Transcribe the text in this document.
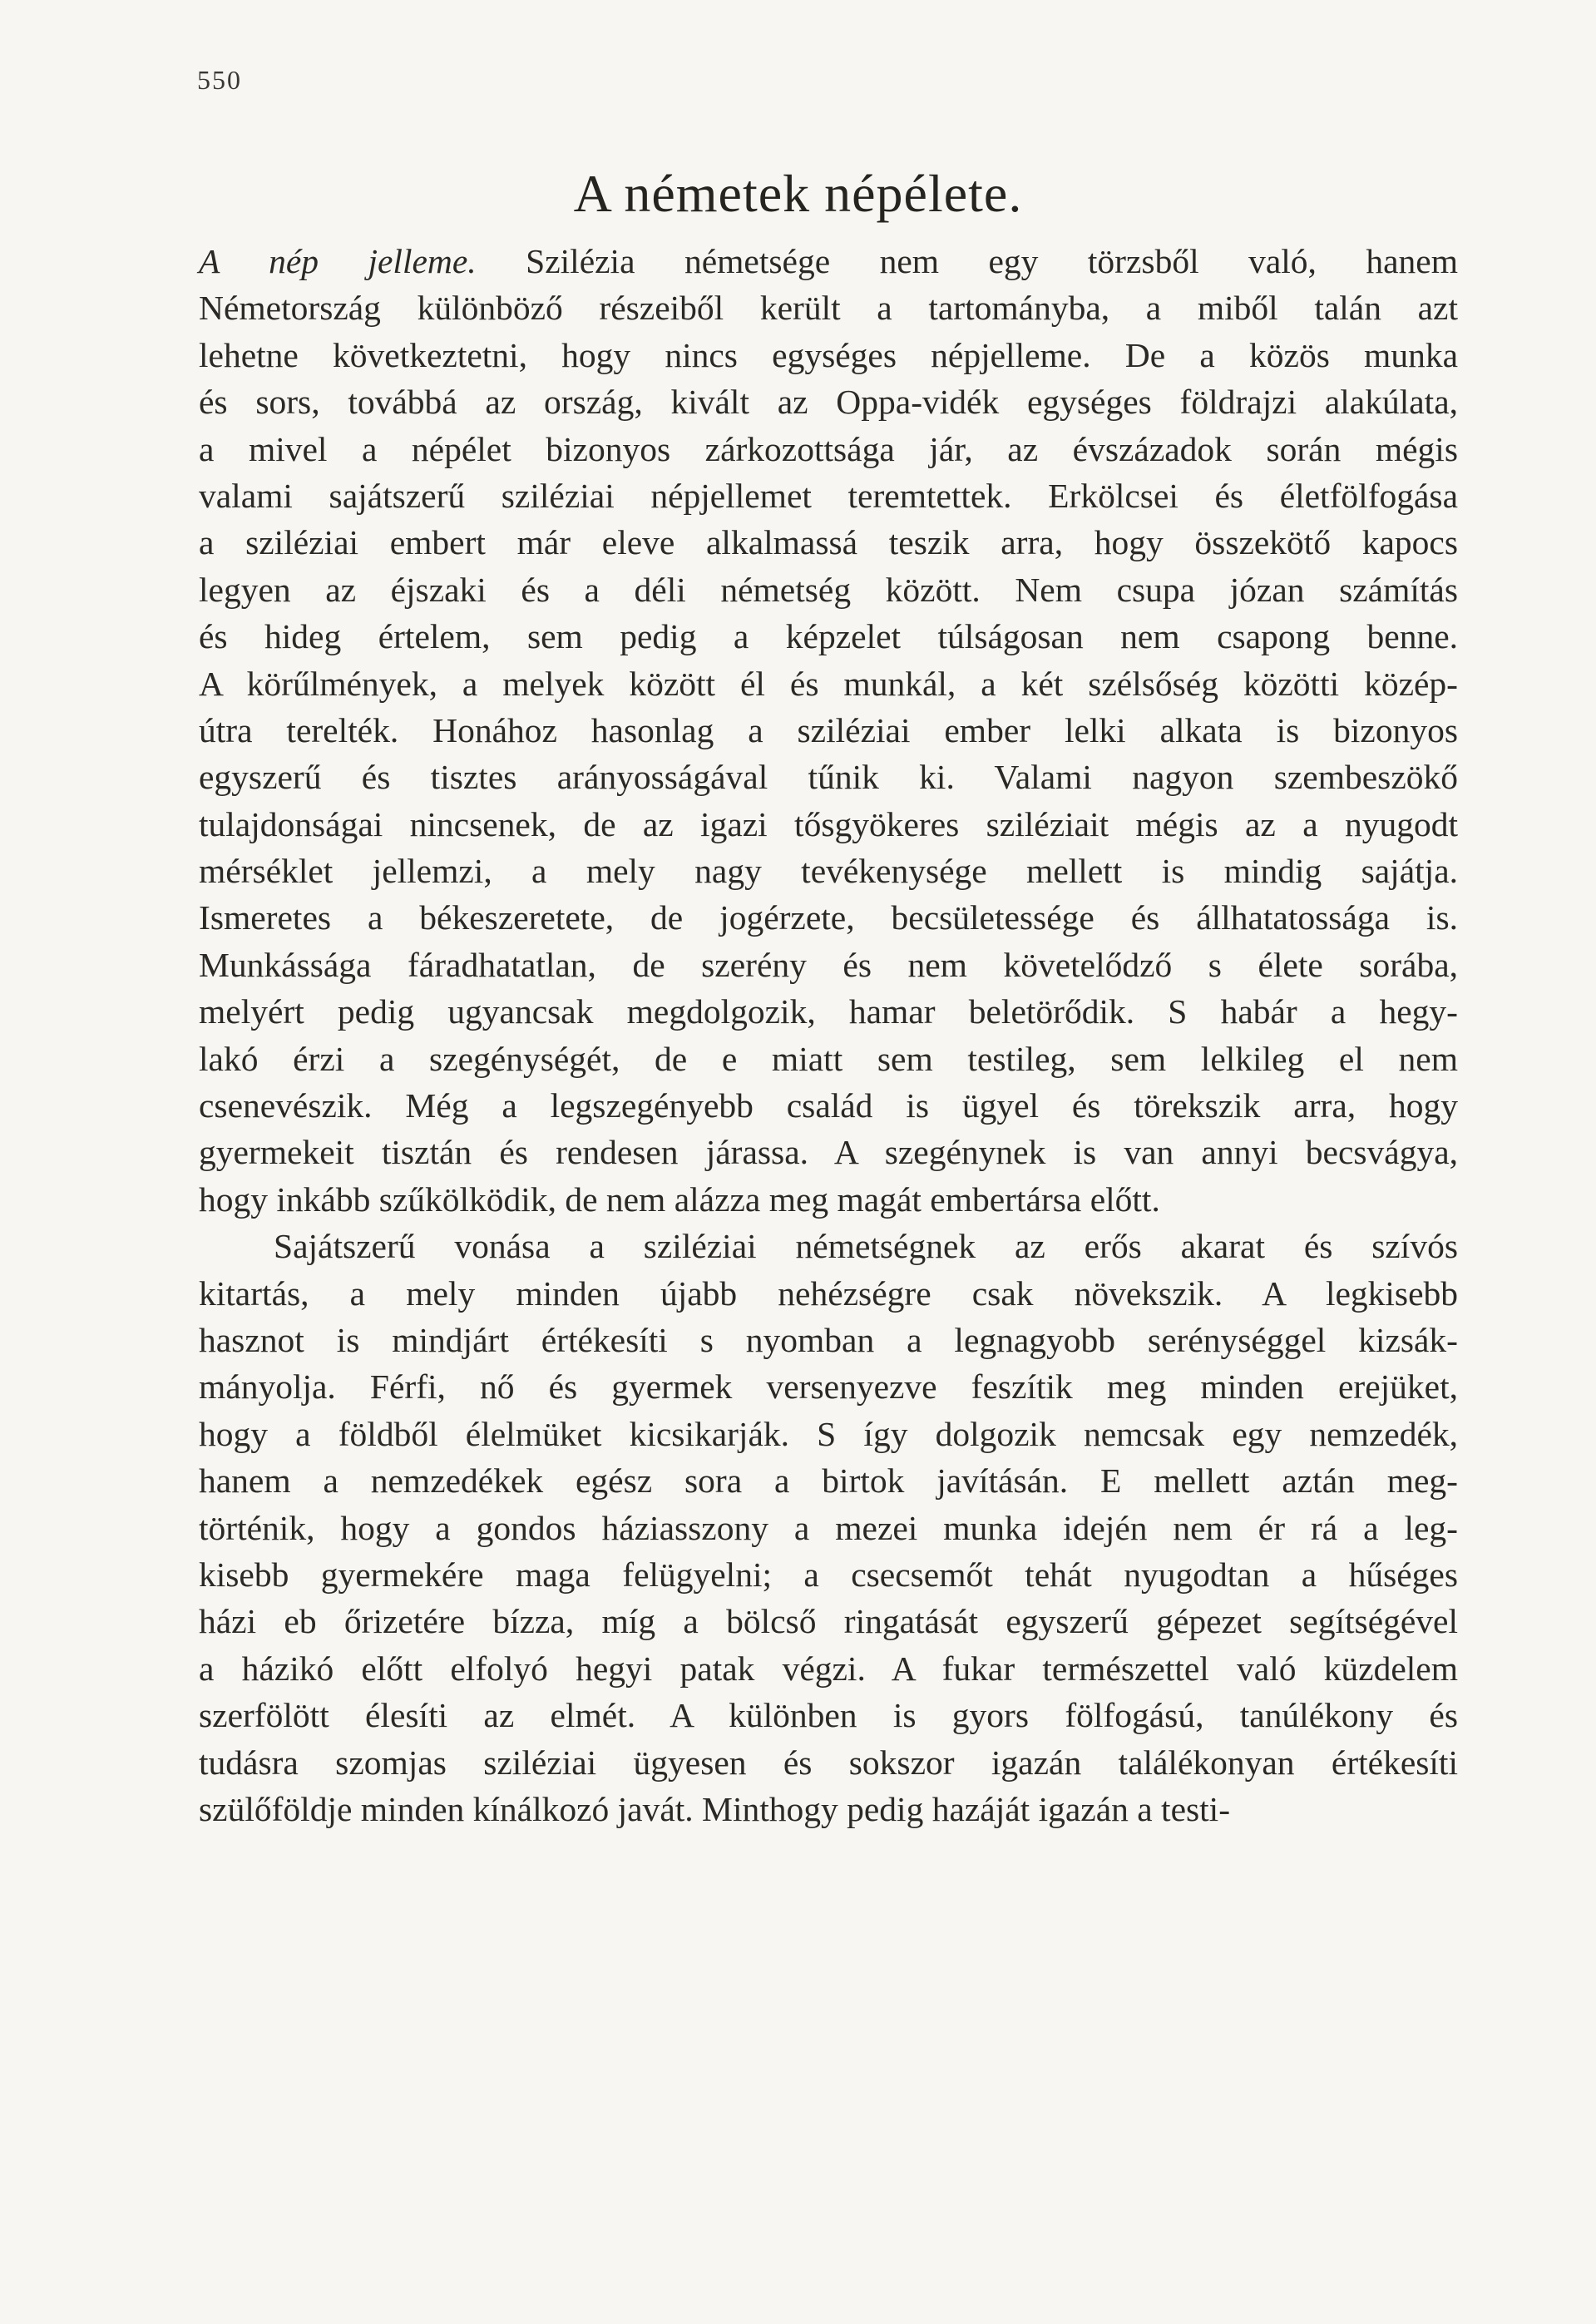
550
A németek népélete.
A nép jelleme. Szilézia németsége nem egy törzsből való, hanem
Németország különböző részeiből került a tartományba, a miből talán azt
lehetne következtetni, hogy nincs egységes népjelleme. De a közös munka
és sors, továbbá az ország, kivált az Oppa-vidék egységes földrajzi alakúlata,
a mivel a népélet bizonyos zárkozottsága jár, az évszázadok során mégis
valami sajátszerű sziléziai népjellemet teremtettek. Erkölcsei és életfölfogása
a sziléziai embert már eleve alkalmassá teszik arra, hogy összekötő kapocs
legyen az éjszaki és a déli németség között. Nem csupa józan számítás
és hideg értelem, sem pedig a képzelet túlságosan nem csapong benne.
A körűlmények, a melyek között él és munkál, a két szélsőség közötti közép-
útra terelték. Honához hasonlag a sziléziai ember lelki alkata is bizonyos
egyszerű és tisztes arányosságával tűnik ki. Valami nagyon szembeszökő
tulajdonságai nincsenek, de az igazi tősgyökeres sziléziait mégis az a nyugodt
mérséklet jellemzi, a mely nagy tevékenysége mellett is mindig sajátja.
Ismeretes a békeszeretete, de jogérzete, becsületessége és állhatatossága is.
Munkássága fáradhatatlan, de szerény és nem követelődző s élete sorába,
melyért pedig ugyancsak megdolgozik, hamar beletörődik. S habár a hegy-
lakó érzi a szegénységét, de e miatt sem testileg, sem lelkileg el nem
csenevészik. Még a legszegényebb család is ügyel és törekszik arra, hogy
gyermekeit tisztán és rendesen járassa. A szegénynek is van annyi becsvágya,
hogy inkább szűkölködik, de nem alázza meg magát embertársa előtt.
Sajátszerű vonása a sziléziai németségnek az erős akarat és szívós
kitartás, a mely minden újabb nehézségre csak növekszik. A legkisebb
hasznot is mindjárt értékesíti s nyomban a legnagyobb serénységgel kizsák-
mányolja. Férfi, nő és gyermek versenyezve feszítik meg minden erejüket,
hogy a földből élelmüket kicsikarják. S így dolgozik nemcsak egy nemzedék,
hanem a nemzedékek egész sora a birtok javításán. E mellett aztán meg-
történik, hogy a gondos háziasszony a mezei munka idején nem ér rá a leg-
kisebb gyermekére maga felügyelni; a csecsemőt tehát nyugodtan a hűséges
házi eb őrizetére bízza, míg a bölcső ringatását egyszerű gépezet segítségével
a házikó előtt elfolyó hegyi patak végzi. A fukar természettel való küzdelem
szerfölött élesíti az elmét. A különben is gyors fölfogású, tanúlékony és
tudásra szomjas sziléziai ügyesen és sokszor igazán találékonyan értékesíti
szülőföldje minden kínálkozó javát. Minthogy pedig hazáját igazán a testi-
